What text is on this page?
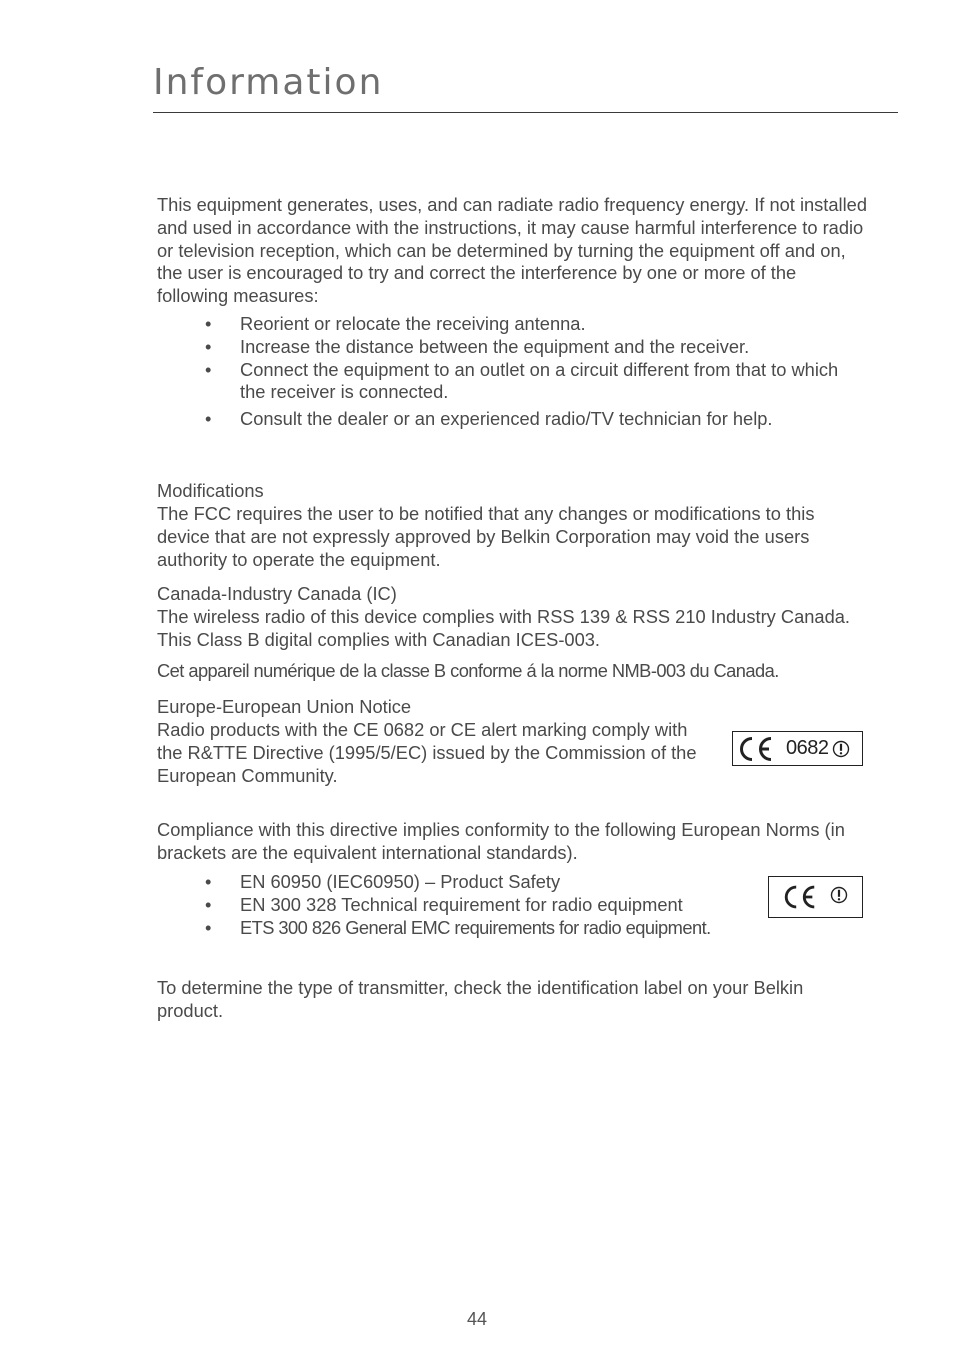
Information

This equipment generates, uses, and can radiate radio frequency energy. If not installed and used in accordance with the instructions, it may cause harmful interference to radio or television reception, which can be determined by turning the equipment off and on, the user is encouraged to try and correct the interference by one or more of the following measures:

• Reorient or relocate the receiving antenna.
• Increase the distance between the equipment and the receiver.
• Connect the equipment to an outlet on a circuit different from that to which the receiver is connected.
• Consult the dealer or an experienced radio/TV technician for help.

Modifications

The FCC requires the user to be notified that any changes or modifications to this device that are not expressly approved by Belkin Corporation may void the users authority to operate the equipment.

Canada-Industry Canada (IC)

The wireless radio of this device complies with RSS 139 & RSS 210 Industry Canada. This Class B digital complies with Canadian ICES-003.

Cet appareil numérique de la classe B conforme á la norme NMB-003 du Canada.

Europe-European Union Notice

Radio products with the CE 0682 or CE alert marking comply with the R&TTE Directive (1995/5/EC) issued by the Commission of the European Community.

0682

Compliance with this directive implies conformity to the following European Norms (in brackets are the equivalent international standards).

• EN 60950 (IEC60950) – Product Safety
• EN 300 328 Technical requirement for radio equipment
• ETS 300 826 General EMC requirements for radio equipment.

To determine the type of transmitter, check the identification label on your Belkin product.

44
